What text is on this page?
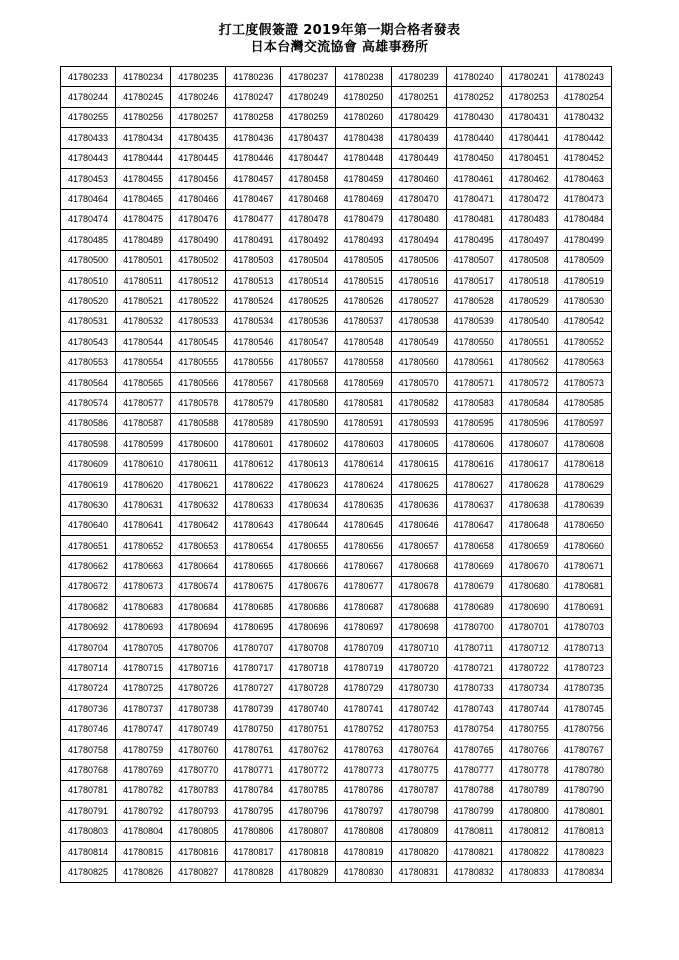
打工度假簽證 2019年第一期合格者發表
日本台灣交流協會 高雄事務所
41780233	41780234	41780235	41780236	41780237	41780238	41780239	41780240	41780241	41780243
41780244	41780245	41780246	41780247	41780249	41780250	41780251	41780252	41780253	41780254
41780255	41780256	41780257	41780258	41780259	41780260	41780429	41780430	41780431	41780432
41780433	41780434	41780435	41780436	41780437	41780438	41780439	41780440	41780441	41780442
41780443	41780444	41780445	41780446	41780447	41780448	41780449	41780450	41780451	41780452
41780453	41780455	41780456	41780457	41780458	41780459	41780460	41780461	41780462	41780463
41780464	41780465	41780466	41780467	41780468	41780469	41780470	41780471	41780472	41780473
41780474	41780475	41780476	41780477	41780478	41780479	41780480	41780481	41780483	41780484
41780485	41780489	41780490	41780491	41780492	41780493	41780494	41780495	41780497	41780499
41780500	41780501	41780502	41780503	41780504	41780505	41780506	41780507	41780508	41780509
41780510	41780511	41780512	41780513	41780514	41780515	41780516	41780517	41780518	41780519
41780520	41780521	41780522	41780524	41780525	41780526	41780527	41780528	41780529	41780530
41780531	41780532	41780533	41780534	41780536	41780537	41780538	41780539	41780540	41780542
41780543	41780544	41780545	41780546	41780547	41780548	41780549	41780550	41780551	41780552
41780553	41780554	41780555	41780556	41780557	41780558	41780560	41780561	41780562	41780563
41780564	41780565	41780566	41780567	41780568	41780569	41780570	41780571	41780572	41780573
41780574	41780577	41780578	41780579	41780580	41780581	41780582	41780583	41780584	41780585
41780586	41780587	41780588	41780589	41780590	41780591	41780593	41780595	41780596	41780597
41780598	41780599	41780600	41780601	41780602	41780603	41780605	41780606	41780607	41780608
41780609	41780610	41780611	41780612	41780613	41780614	41780615	41780616	41780617	41780618
41780619	41780620	41780621	41780622	41780623	41780624	41780625	41780627	41780628	41780629
41780630	41780631	41780632	41780633	41780634	41780635	41780636	41780637	41780638	41780639
41780640	41780641	41780642	41780643	41780644	41780645	41780646	41780647	41780648	41780650
41780651	41780652	41780653	41780654	41780655	41780656	41780657	41780658	41780659	41780660
41780662	41780663	41780664	41780665	41780666	41780667	41780668	41780669	41780670	41780671
41780672	41780673	41780674	41780675	41780676	41780677	41780678	41780679	41780680	41780681
41780682	41780683	41780684	41780685	41780686	41780687	41780688	41780689	41780690	41780691
41780692	41780693	41780694	41780695	41780696	41780697	41780698	41780700	41780701	41780703
41780704	41780705	41780706	41780707	41780708	41780709	41780710	41780711	41780712	41780713
41780714	41780715	41780716	41780717	41780718	41780719	41780720	41780721	41780722	41780723
41780724	41780725	41780726	41780727	41780728	41780729	41780730	41780733	41780734	41780735
41780736	41780737	41780738	41780739	41780740	41780741	41780742	41780743	41780744	41780745
41780746	41780747	41780749	41780750	41780751	41780752	41780753	41780754	41780755	41780756
41780758	41780759	41780760	41780761	41780762	41780763	41780764	41780765	41780766	41780767
41780768	41780769	41780770	41780771	41780772	41780773	41780775	41780777	41780778	41780780
41780781	41780782	41780783	41780784	41780785	41780786	41780787	41780788	41780789	41780790
41780791	41780792	41780793	41780795	41780796	41780797	41780798	41780799	41780800	41780801
41780803	41780804	41780805	41780806	41780807	41780808	41780809	41780811	41780812	41780813
41780814	41780815	41780816	41780817	41780818	41780819	41780820	41780821	41780822	41780823
41780825	41780826	41780827	41780828	41780829	41780830	41780831	41780832	41780833	41780834
